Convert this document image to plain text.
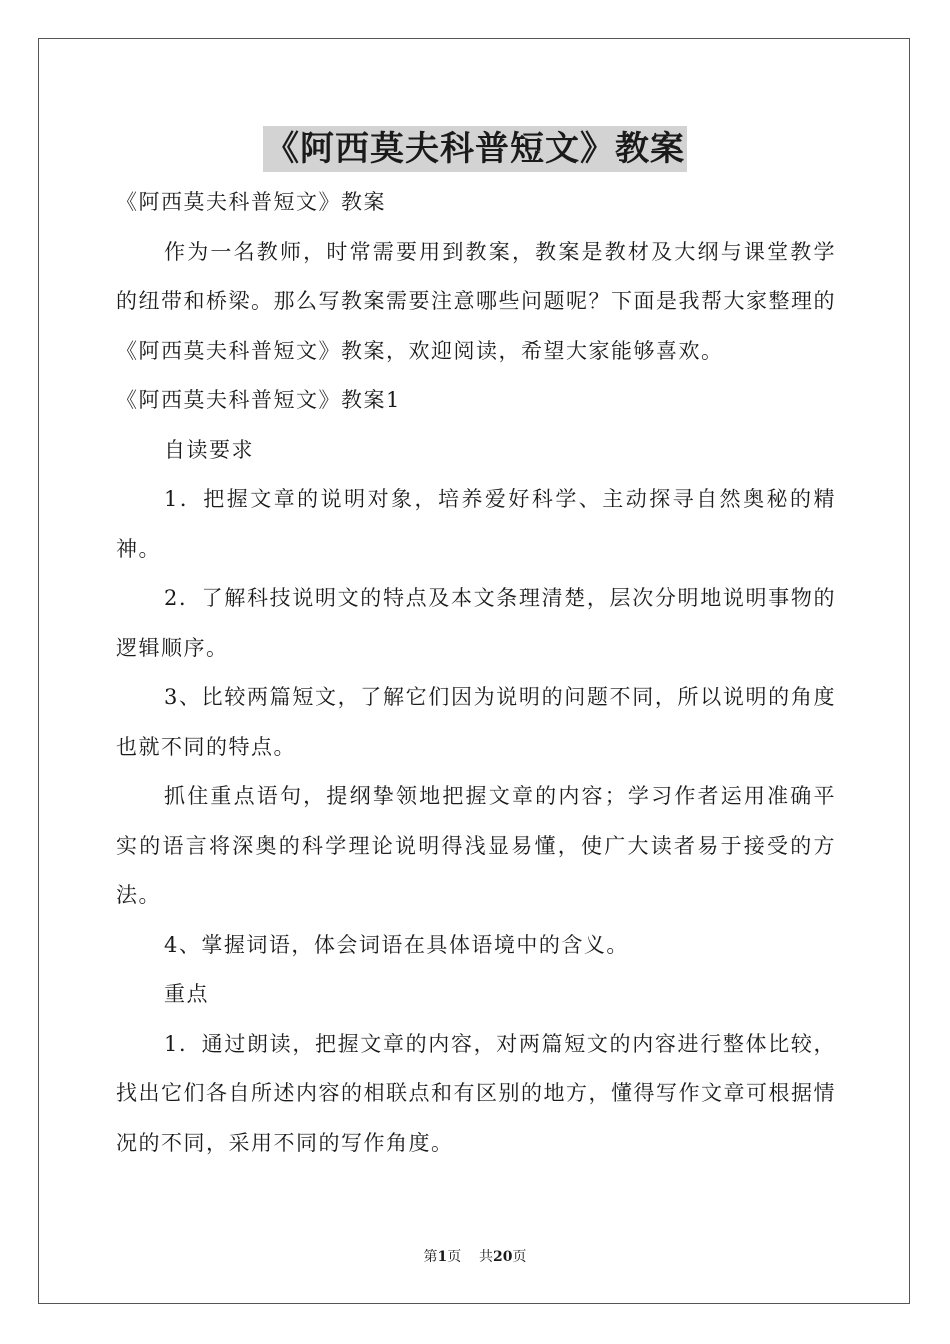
《阿西莫夫科普短文》教案

《阿西莫夫科普短文》教案

作为一名教师，时常需要用到教案，教案是教材及大纲与课堂教学的纽带和桥梁。那么写教案需要注意哪些问题呢？下面是我帮大家整理的《阿西莫夫科普短文》教案，欢迎阅读，希望大家能够喜欢。

《阿西莫夫科普短文》教案1

自读要求

1．把握文章的说明对象，培养爱好科学、主动探寻自然奥秘的精神。

2．了解科技说明文的特点及本文条理清楚，层次分明地说明事物的逻辑顺序。

3、比较两篇短文，了解它们因为说明的问题不同，所以说明的角度也就不同的特点。

抓住重点语句，提纲挚领地把握文章的内容；学习作者运用准确平实的语言将深奥的科学理论说明得浅显易懂，使广大读者易于接受的方法。

4、掌握词语，体会词语在具体语境中的含义。

重点

1．通过朗读，把握文章的内容，对两篇短文的内容进行整体比较，找出它们各自所述内容的相联点和有区别的地方，懂得写作文章可根据情况的不同，采用不同的写作角度。

第1页 共20页
